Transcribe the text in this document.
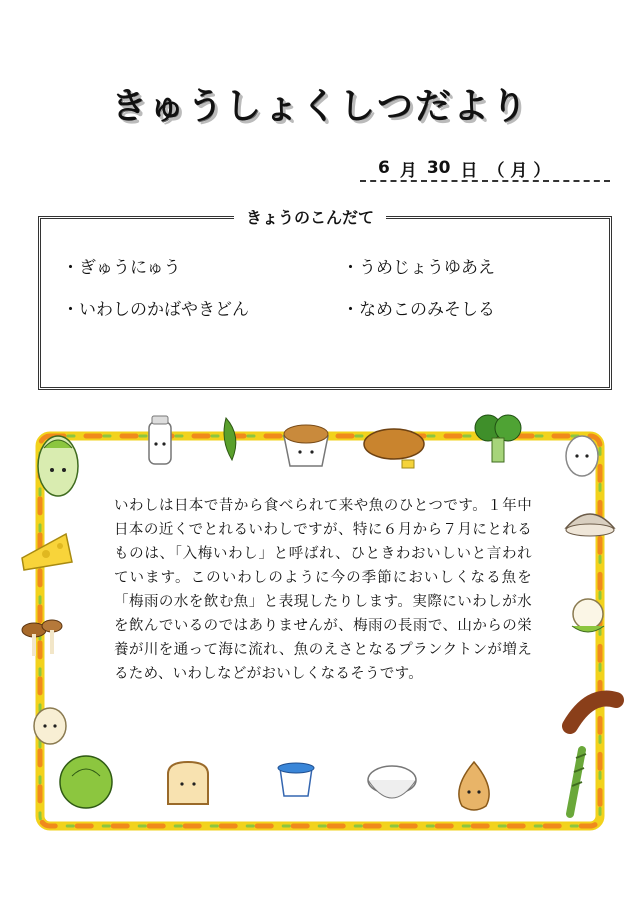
きゅうしょくしつだより
6 月 30 日 （ 月 ）
きょうのこんだて
・ぎゅうにゅう	・うめじょうゆあえ
・いわしのかばやきどん	・なめこのみそしる
いわしは日本で昔から食べられて来や魚のひとつです。１年中日本の近くでとれるいわしですが、特に６月から７月にとれるものは、「入梅いわし」と呼ばれ、ひときわおいしいと言われています。このいわしのように今の季節においしくなる魚を「梅雨の水を飲む魚」と表現したりします。実際にいわしが水を飲んでいるのではありませんが、梅雨の長雨で、山からの栄養が川を通って海に流れ、魚のえさとなるプランクトンが増えるため、いわしなどがおいしくなるそうです。
